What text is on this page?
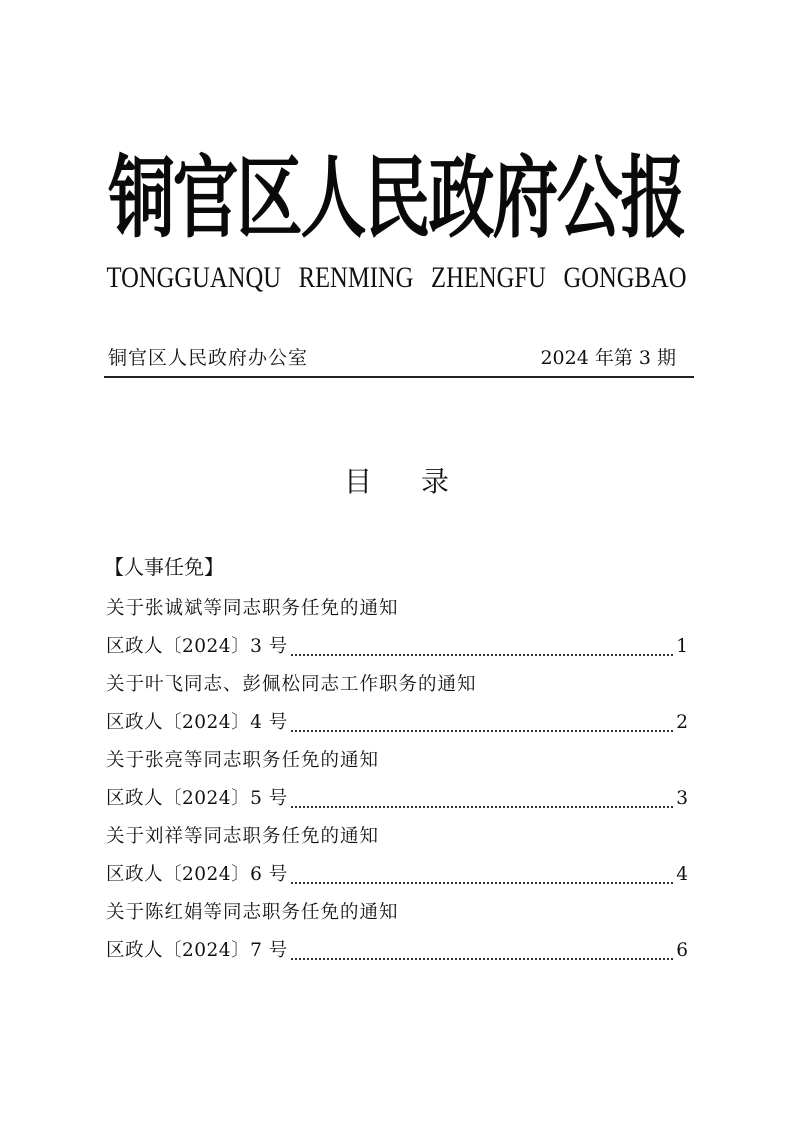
铜官区人民政府公报
TONGGUANQU RENMING ZHENGFU GONGBAO
铜官区人民政府办公室	2024 年第 3 期
目 录
【人事任免】
关于张诚斌等同志职务任免的通知
区政人〔2024〕3 号	1
关于叶飞同志、彭佩松同志工作职务的通知
区政人〔2024〕4 号	2
关于张亮等同志职务任免的通知
区政人〔2024〕5 号	3
关于刘祥等同志职务任免的通知
区政人〔2024〕6 号	4
关于陈红娟等同志职务任免的通知
区政人〔2024〕7 号	6
